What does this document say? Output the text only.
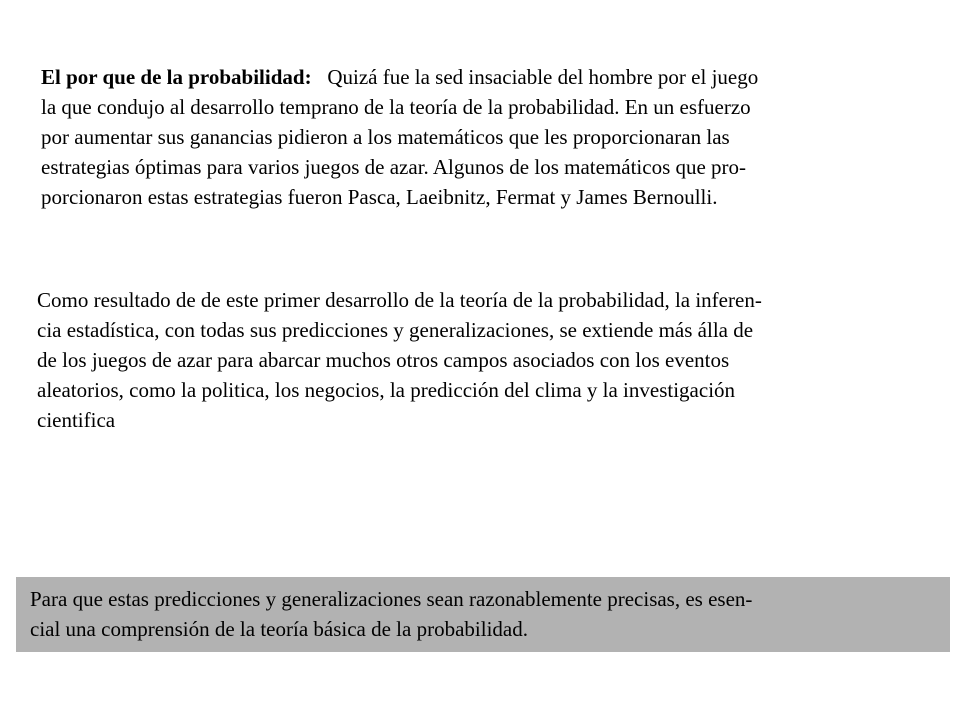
El por que de la probabilidad: Quizá fue la sed insaciable del hombre por el juego
la que condujo al desarrollo temprano de la teoría de la probabilidad. En un esfuerzo
por aumentar sus ganancias pidieron a los matemáticos que les proporcionaran las
estrategias óptimas para varios juegos de azar. Algunos de los matemáticos que pro-
porcionaron estas estrategias fueron Pasca, Laeibnitz, Fermat y James Bernoulli.
Como resultado de de este primer desarrollo de la teoría de la probabilidad, la inferen-
cia estadística, con todas sus predicciones y generalizaciones, se extiende más álla de
de los juegos de azar para abarcar muchos otros campos asociados con los eventos
aleatorios, como la politica, los negocios, la predicción del clima y la investigación
cientifica
Para que estas predicciones y generalizaciones sean razonablemente precisas, es esen-
cial una comprensión de la teoría básica de la probabilidad.
